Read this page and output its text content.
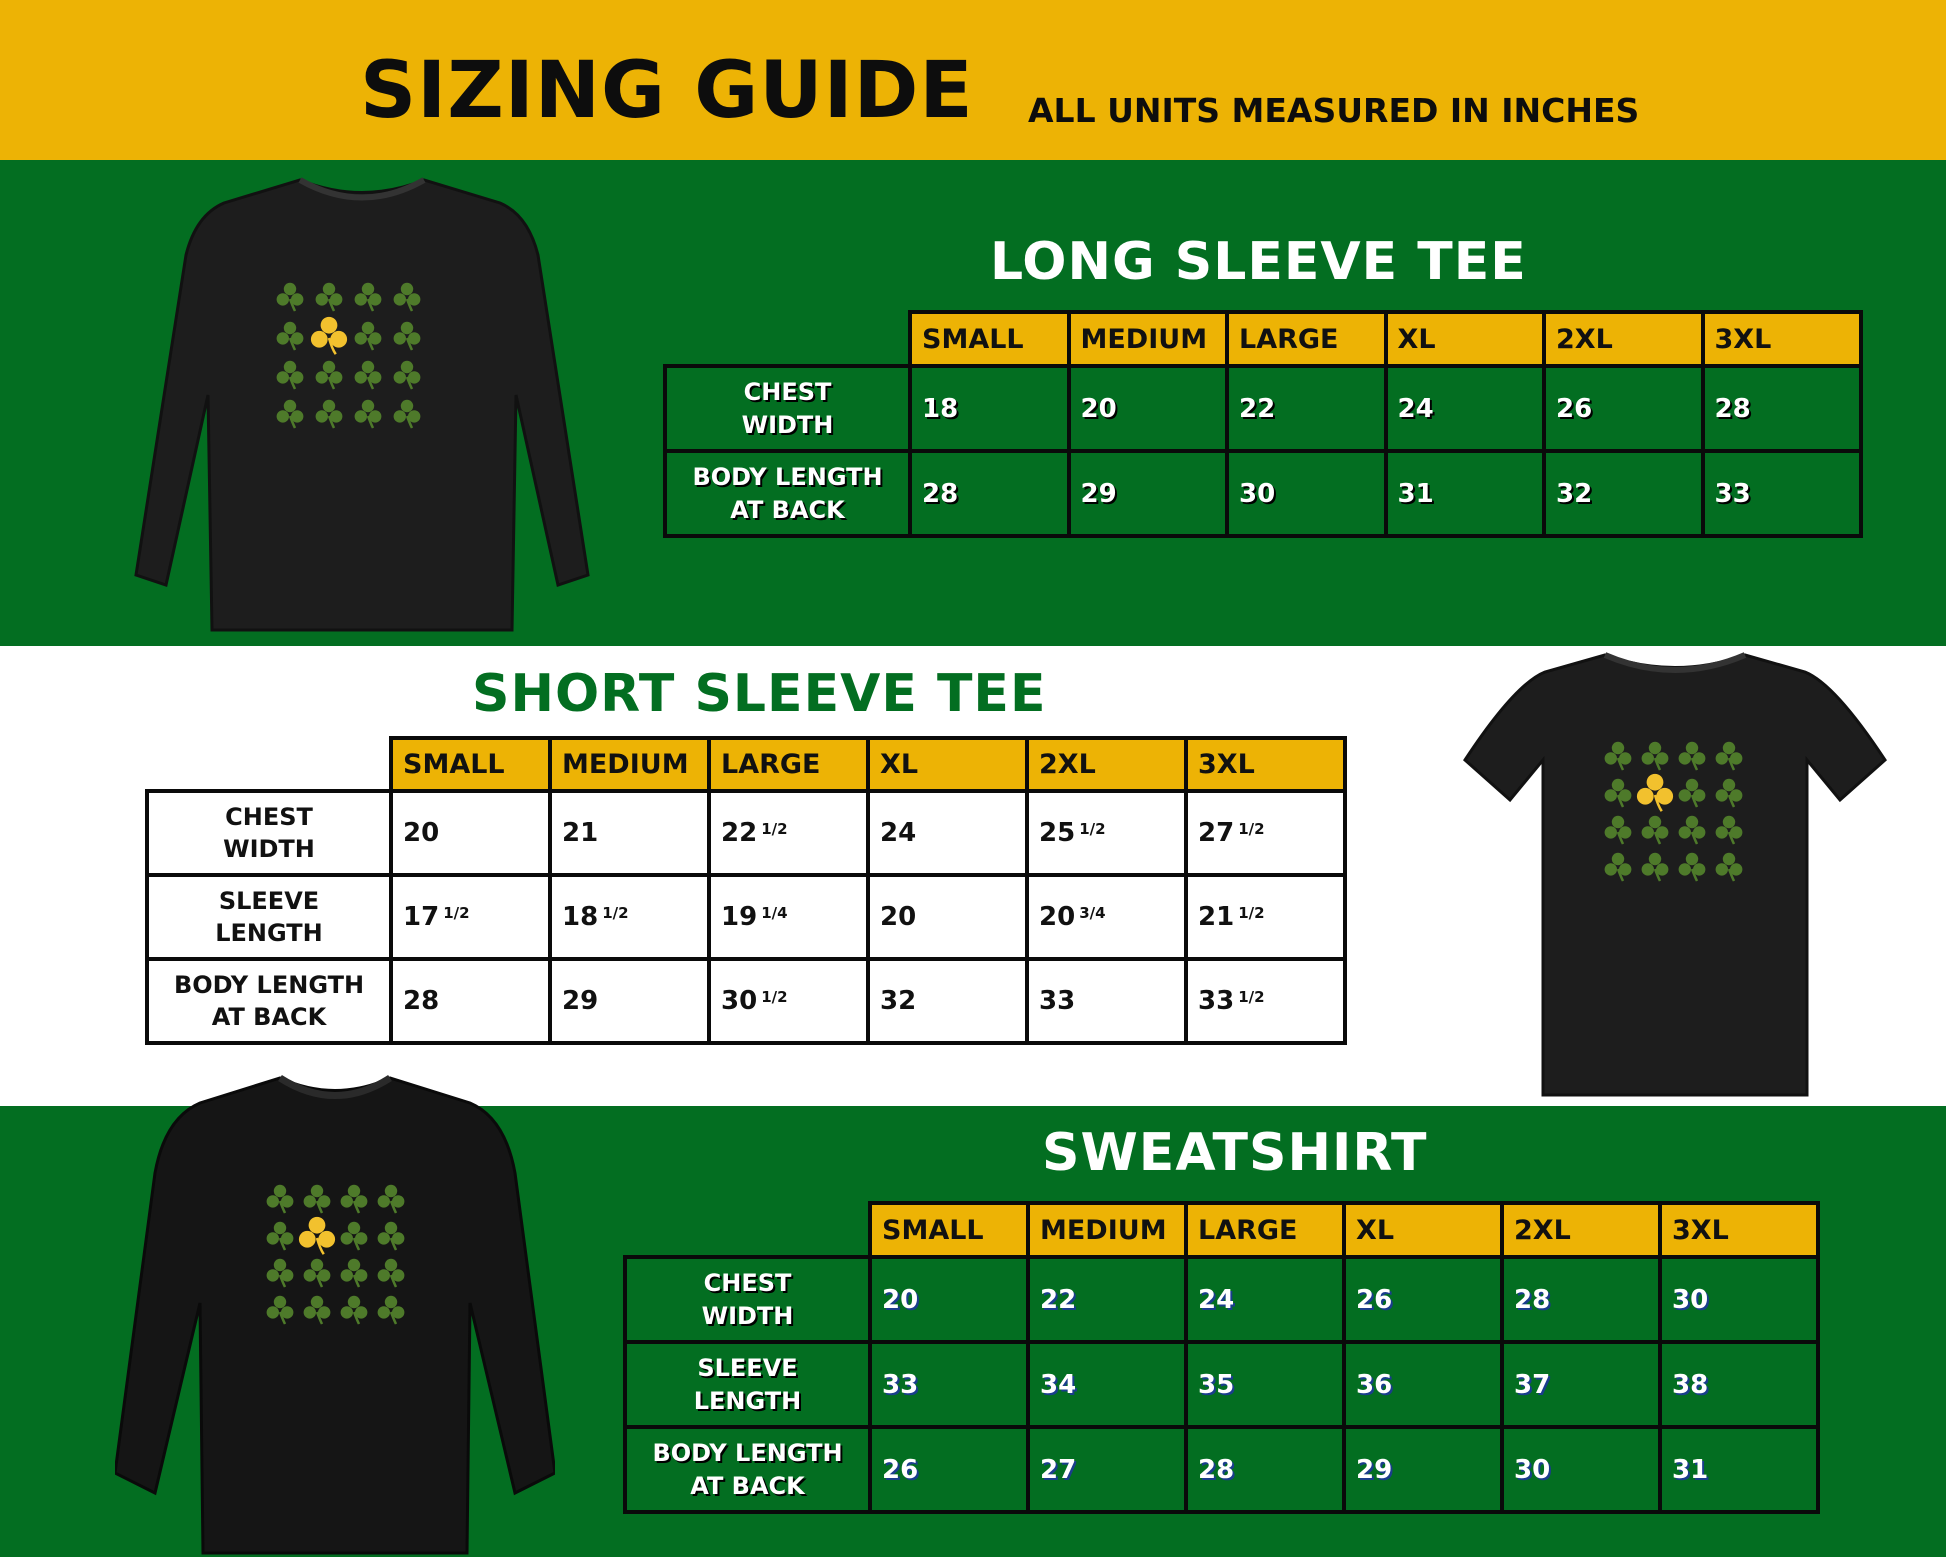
SIZING GUIDE ALL UNITS MEASURED IN INCHES
LONG SLEEVE TEE
SHORT SLEEVE TEE
SWEATSHIRT
	SMALL	MEDIUM	LARGE	XL	2XL	3XL
CHEST
WIDTH	18	20	22	24	26	28
BODY LENGTH
AT BACK	28	29	30	31	32	33
	SMALL	MEDIUM	LARGE	XL	2XL	3XL
CHEST
WIDTH	20	21	22 $^{1/2}$	24	25 $^{1/2}$	27 $^{1/2}$
SLEEVE
LENGTH	17 $^{1/2}$	18 $^{1/2}$	19 $^{1/4}$	20	20 $^{3/4}$	21 $^{1/2}$
BODY LENGTH
AT BACK	28	29	30 $^{1/2}$	32	33	33 $^{1/2}$
	SMALL	MEDIUM	LARGE	XL	2XL	3XL
CHEST
WIDTH	20	22	24	26	28	30
SLEEVE
LENGTH	33	34	35	36	37	38
BODY LENGTH
AT BACK	26	27	28	29	30	31
